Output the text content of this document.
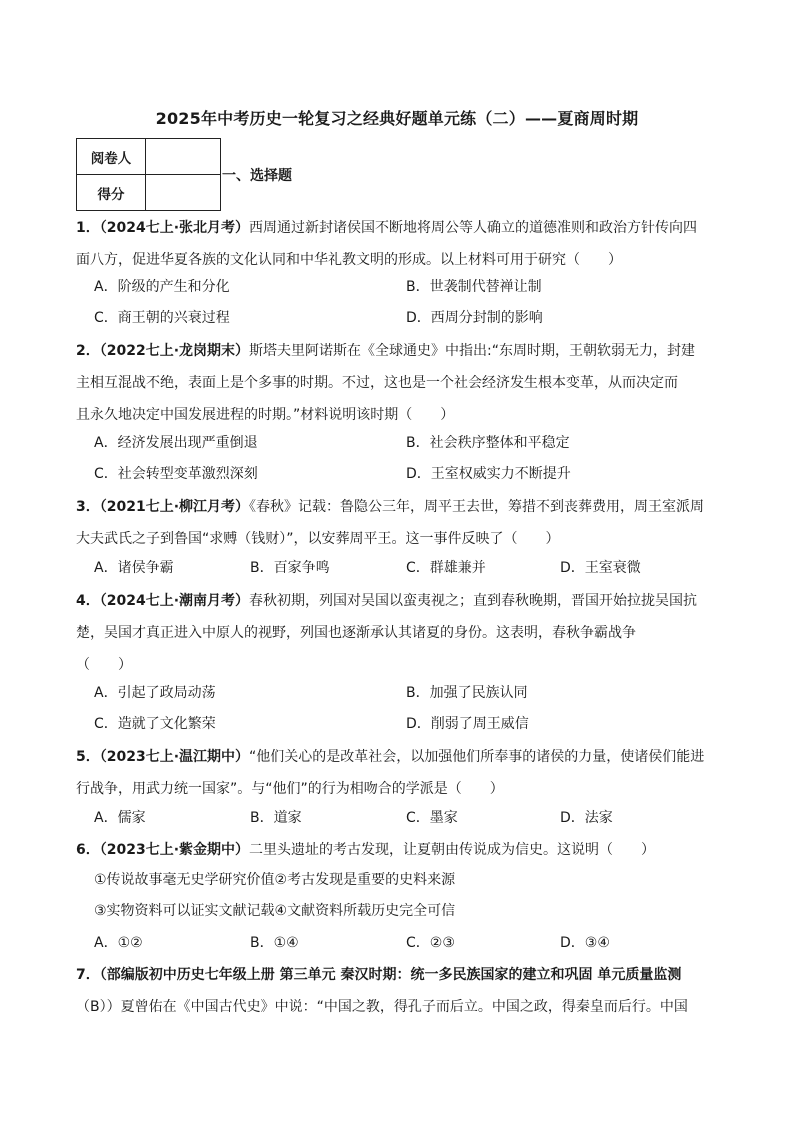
2025年中考历史一轮复习之经典好题单元练（二）——夏商周时期
阅卷人	
得分	
一、选择题
1．（2024七上·张北月考）西周通过新封诸侯国不断地将周公等人确立的道德准则和政治方针传向四
面八方，促进华夏各族的文化认同和中华礼教文明的形成。以上材料可用于研究（　　）
A．阶级的产生和分化	B．世袭制代替禅让制
C．商王朝的兴衰过程	D．西周分封制的影响
2．（2022七上·龙岗期末）斯塔夫里阿诺斯在《全球通史》中指出:“东周时期，王朝软弱无力，封建
主相互混战不绝，表面上是个多事的时期。不过，这也是一个社会经济发生根本变革，从而决定而
且永久地决定中国发展进程的时期。”材料说明该时期（　　）
A．经济发展出现严重倒退	B．社会秩序整体和平稳定
C．社会转型变革激烈深刻	D．王室权威实力不断提升
3．（2021七上·柳江月考）《春秋》记载：鲁隐公三年，周平王去世，筹措不到丧葬费用，周王室派周
大夫武氏之子到鲁国“求赙（钱财）”，以安葬周平王。这一事件反映了（　　）
A．诸侯争霸	B．百家争鸣	C．群雄兼并	D．王室衰微
4．（2024七上·潮南月考）春秋初期，列国对吴国以蛮夷视之；直到春秋晚期，晋国开始拉拢吴国抗
楚，吴国才真正进入中原人的视野，列国也逐渐承认其诸夏的身份。这表明，春秋争霸战争
（　　）
A．引起了政局动荡	B．加强了民族认同
C．造就了文化繁荣	D．削弱了周王威信
5．（2023七上·温江期中）“他们关心的是改革社会，以加强他们所奉事的诸侯的力量，使诸侯们能进
行战争，用武力统一国家”。与“他们”的行为相吻合的学派是（　　）
A．儒家	B．道家	C．墨家	D．法家
6．（2023七上·紫金期中）二里头遗址的考古发现，让夏朝由传说成为信史。这说明（　　）
①传说故事毫无史学研究价值②考古发现是重要的史料来源
③实物资料可以证实文献记载④文献资料所载历史完全可信
A．①②	B．①④	C．②③	D．③④
7．（部编版初中历史七年级上册 第三单元 秦汉时期：统一多民族国家的建立和巩固 单元质量监测
（B））夏曾佑在《中国古代史》中说：“中国之教，得孔子而后立。中国之政，得秦皇而后行。中国
